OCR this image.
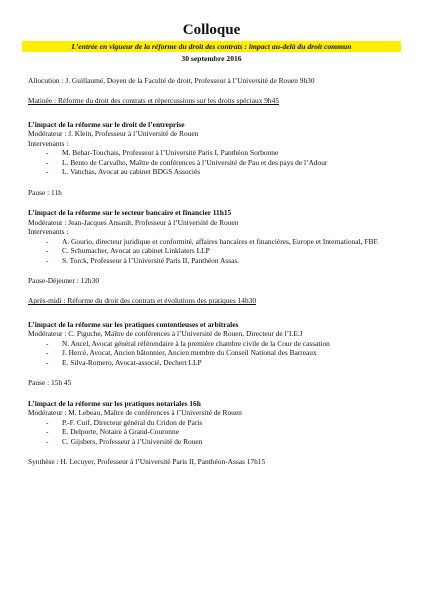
Colloque
L’entrée en vigueur de la réforme du droit des contrats : impact au-delà du droit commun
30 septembre 2016

Allocution : J. Guillaumé, Doyen de la Faculté de droit, Professeur à l’Université de Rouen 9h30

Matinée : Réforme du droit des contrats et répercussions sur les droits spéciaux 9h45

L’impact de la réforme sur le droit de l’entreprise

Modérateur : J. Klein, Professeur à l’Université de Rouen

Intervenants :

- M. Behar-Touchais, Professeur à l’Université Paris I, Panthéon Sorbonne
- L. Bento de Carvalho, Maître de conférences à l’Université de Pau et des pays de l’Adour
- L. Vanchas, Avocat au cabinet BDGS Associés

Pause : 11h

L’impact de la réforme sur le secteur bancaire et financier 11h15

Modérateur : Jean-Jacques Ansault, Professeur à l’Université de Rouen

Intervenants :

- A. Gourio, directeur juridique et conformité, affaires bancaires et financières, Europe et International, FBF.
- C. Schumacher, Avocat au cabinet Linklaters LLP
- S. Torck, Professeur à l’Université Paris II, Panthéon Assas.

Pause-Déjeuner : 12h30

Après-midi : Réforme du droit des contrats et évolutions des pratiques 14h30

L’impact de la réforme sur les pratiques contentieuses et arbitrales

Modérateur : C. Piguche, Maître de conférences à l’Université de Rouen, Directeur de l’I.E.J

- N. Ancel, Avocat général référendaire à la première chambre civile de la Cour de cassation
- J. Hercé, Avocat, Ancien bâtonnier, Ancien membre du Conseil National des Barreaux
- E. Silva-Romero, Avocat-associé, Dechert LLP

Pause : 15h 45

L’impact de la réforme sur les pratiques notariales 16h

Modérateur : M. Lebeau, Maître de conférences à l’Université de Rouen

- P.-F. Cuif, Directeur général du Cridon de Paris
- E. Delporte, Notaire à Grand-Couronne
- C. Gijsbers, Professeur à l’Université de Rouen

Synthèse : H. Lecuyer, Professeur à l’Université Paris II, Panthéon-Assas 17h15
